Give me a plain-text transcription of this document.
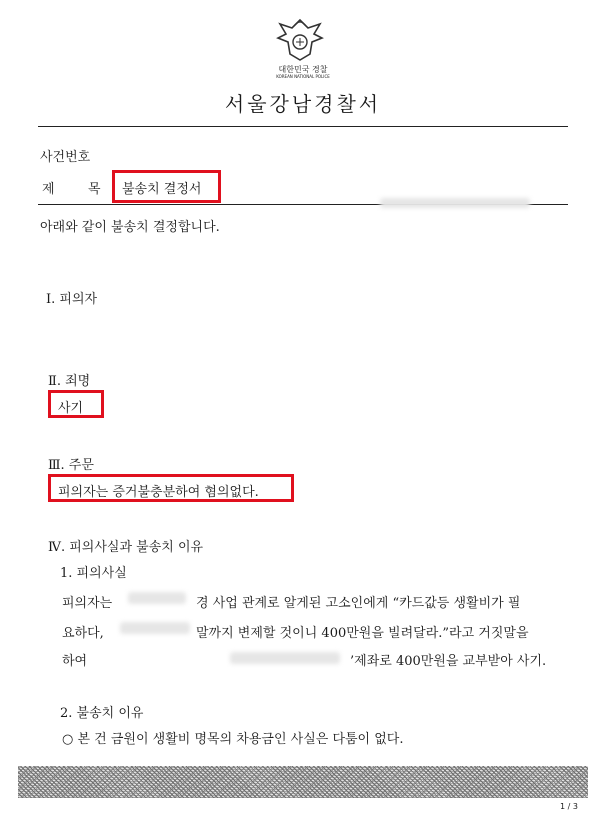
대한민국 경찰
KOREAN NATIONAL POLICE
서울강남경찰서
사건번호
제	목 불송치 결정서
아래와 같이 불송치 결정합니다.
Ⅰ. 피의자
Ⅱ. 죄명
사기
Ⅲ. 주문
피의자는 증거불충분하여 혐의없다.
Ⅳ. 피의사실과 불송치 이유
1. 피의사실
피의자는	경 사업 관계로 알게된 고소인에게 “카드값등 생활비가 필
요하다,	말까지 변제할 것이니 400만원을 빌려달라.”라고 거짓말을
하여	’제좌로 400만원을 교부받아 사기.
2. 불송치 이유
○ 본 건 금원이 생활비 명목의 차용금인 사실은 다툼이 없다.
1 / 3
